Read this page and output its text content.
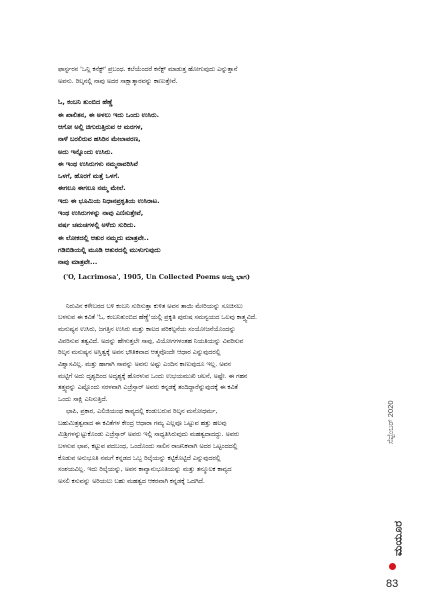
ಫಾರ್ಸ್ಟರನ 'ಒನ್ಲಿ ಕನೆಕ್ಟ್' ಪ್ರಬಂಧ. ಕಲೆಯೆಂದರೆ ಕನೆಕ್ಟ್ ಮಾಡುತ್ತ ಹೋಗುವುದು ಎನ್ನುತ್ತಾನೆ

ಅವನು. ರಿಲ್ಕನಲ್ಲಿ ನಾವು ಅದರ ಸಾಕ್ಷಾತ್ಕಾರವನ್ನು ಕಾಣುತ್ತೇವೆ.

ಓ, ಕಂಬನಿ ತುಂಬಿದ ಹೆಣ್ಣೆ
ಈ ಖಾಲಿತನ, ಈ ಅಳಲು ಇದು ಒಂದು ಉಸಿರು.
ಆಗೋ ಅಲ್ಲಿ ಚಿಗುರುತ್ತಿರುವ ಆ ಮರಗಳ,
ನಾಳೆ ಬರಲಿರುವ ಹಸಿರಿನ ಮೇಲಾವರಣ,
ಅದು ಇನ್ನೊಂದು ಉಸಿರು.
ಈ ಇಂಥ ಉಸಿರುಗಳು ನಮ್ಮನಾವರಿಸಿವೆ
ಒಳಗೆ, ಹೊರಗೆ ಮತ್ತೆ ಒಳಗೆ.
ಈಗಲೂ ಈಗಲೂ ನಮ್ಮ ಮೇಲೆ.
ಇದು ಈ ಭೂಮಿಯ ನಿಧಾನಪ್ರಕೃತಿಯ ಉಸಿರಾಟ.
ಇಂಥ ಉಸಿರುಗಳನ್ನು ನಾವು ಎಣಿಸುತ್ತೇವೆ,
ವರ್ಷ ಚಮಚಗಳಲ್ಲಿ ಅಳೆದು ಸುರಿದು.
ಈ ಲೋಕದಲ್ಲಿ ಆತುರ ನಮ್ಮದು ಮಾತ್ರವೇ..
ಗಡಿಬಿಡಿಯಲ್ಲಿ ಮೂಡಿ ಆತುರದಲ್ಲಿ ಮುಳುಗುವುದು
ನಾವು ಮಾತ್ರವೇ...
('O, Lacrimosa', 1905, Un Collected Poems ಅಯ್ದ ಭಾಗ)

ನಿರುವಿನ ಕಳೇಬರದ ಬಳಿ ಕಂಬನಿ ಸುರಿಸುತ್ತಾ ಕುಳಿತ ಅವನ ತಾಯಿ ಮೇರಿಯನ್ನು ಸೂಚಿಸಲು

ಬಳಸುವ ಈ ಕವಿತೆ 'ಓ, ಕಂಬನಿತುಂಬಿದ ಹೆಣ್ಣೆ'ಯಲ್ಲಿ ಪ್ರಕೃತಿ ಪುರುಷ ಸಮನ್ವಯದ ಒಲವು ಕಾತ್ತ್ವವಿದೆ.

ಮನುಷ್ಯನ ಉಸಿರು, ಜಗತ್ತಿನ ಉಸಿರು ಮತ್ತು ಕಾಲದ ಪರಿಕಲ್ಪನೆಯ ಸಂಯೋಜನೆಯೊಂದನ್ನು

ವಿವರಿಸುವ ತತ್ವವಿದೆ. ಅದನ್ನು ಹೇಳುತ್ತಲೇ ಸಾವು, ವಿಯೋಗಗಳಂತಹ ನಿಯತಿಯನ್ನು ವಿವರಿಸುವ

ರಿಲ್ಕನ ಮನುಷ್ಯನ ಅಸ್ತಿತ್ವಕ್ಕೆ ಅವನ ಭೌತಿಕವಾದ ಆತ್ಮವೊಂದೇ ಆಧಾರ ಎನ್ನುವುದರಲ್ಲಿ

ವಿಶ್ವಾಸವಿಲ್ಲ. ಮತ್ತು ಹಾಗಾಗಿ ಸಾವನ್ನು ಅವನು ಅಷ್ಟು ಎಂದಿನ ಕಾಣುವುದೂ ಇಲ್ಲ. ಅವನ

ಮಟ್ಟಿಗೆ ಅದು ದೃಶ್ಯದಿಂದ ಅದೃಶ್ಯಕ್ಕೆ ಹೊರಳುವ ಒಂದು ಉಭಯಮುಖಿ ಚಲನೆ, ಅಷ್ಟೇ. ಈ ಗಹನ

ತತ್ತ್ವವನ್ನು ಎಷ್ಟೊಂದು ಸರಳವಾಗಿ ಎಜ್ರೆಸ್ಸಾರ್ ಅವರು ಕನ್ನಡಕ್ಕೆ ತಂದಿದ್ದಾರೆನ್ನುವುದಕ್ಕೆ ಈ ಕವಿತೆ

ಒಂದು ಸಾಕ್ಷಿ ಎನಿಸುತ್ತಿದೆ.

ಛಾಪಿ, ಪ್ರಕಾರ, ಎಲಿಜಿಯಂಥ ಕಾವ್ಯದಲ್ಲಿ ಕಂಡುಬರುವ ರಿಲ್ಕನ ಮನೋಧರ್ಮ,

ಬಹುಮಿತ್ರತ್ವವಾದ ಈ ಕವಿತೆಗಳ ಕೇಂದ್ರ ಆಧಾರಾ ಗಮ್ಯ ಎಲ್ಲವೂ ಒಟ್ಟುವ ಹತ್ತು ಹಲವು

ಮಿಶ್ರಿಗಳನ್ನುಟ್ಟುಕೊಂಡು ಎಜ್ರೆಸ್ಸಾರ್ ಅವರು ಇಲ್ಲಿ ಸಾಧ್ಯತಿಸಿರುವುದು ಮಹತ್ವದಾದದ್ದು. ಅವರು

ಬಳಸುವ ಛಾಪ, ಕಟ್ಟುವ ಪದಬಂಧ, ಒಂದೊಂದು ಸಾಲಿನ ರಾಚನಿಕವಾಗಿ ಅದರ ಒಟ್ಟಂದದಲ್ಲಿ

ಕೊಡುವ ಅನುಭೂತಿ ನಮಗೆ ಕನ್ನಡದ ಒಬ್ಬ ರಿಲ್ಕೆಯನ್ನು ಕಟ್ಟಿಕೊಟ್ಟಿದೆ ಎನ್ನುವುದರಲ್ಲಿ

ಸಂಶಯವಿಲ್ಲ. ಇದು ರಿಲ್ಕೆಯನ್ನು, ಅವನ ಕಾವ್ಯಾನುಭೂತಿಯನ್ನು ಮತ್ತು ತನ್ಮೂಲಕ ಕಾವ್ಯದ

ಅಸಲಿ ಕಸುವನ್ನು ಅರಿಯಲು ಬಹು ಮಹತ್ವದ ಆಕರವಾಗಿ ಕನ್ನಡಕ್ಕೆ ಒದಗಿದೆ.

ಸೆಪ್ಟೆಂಬರ್ 2020
ಮಯೂರ
83
